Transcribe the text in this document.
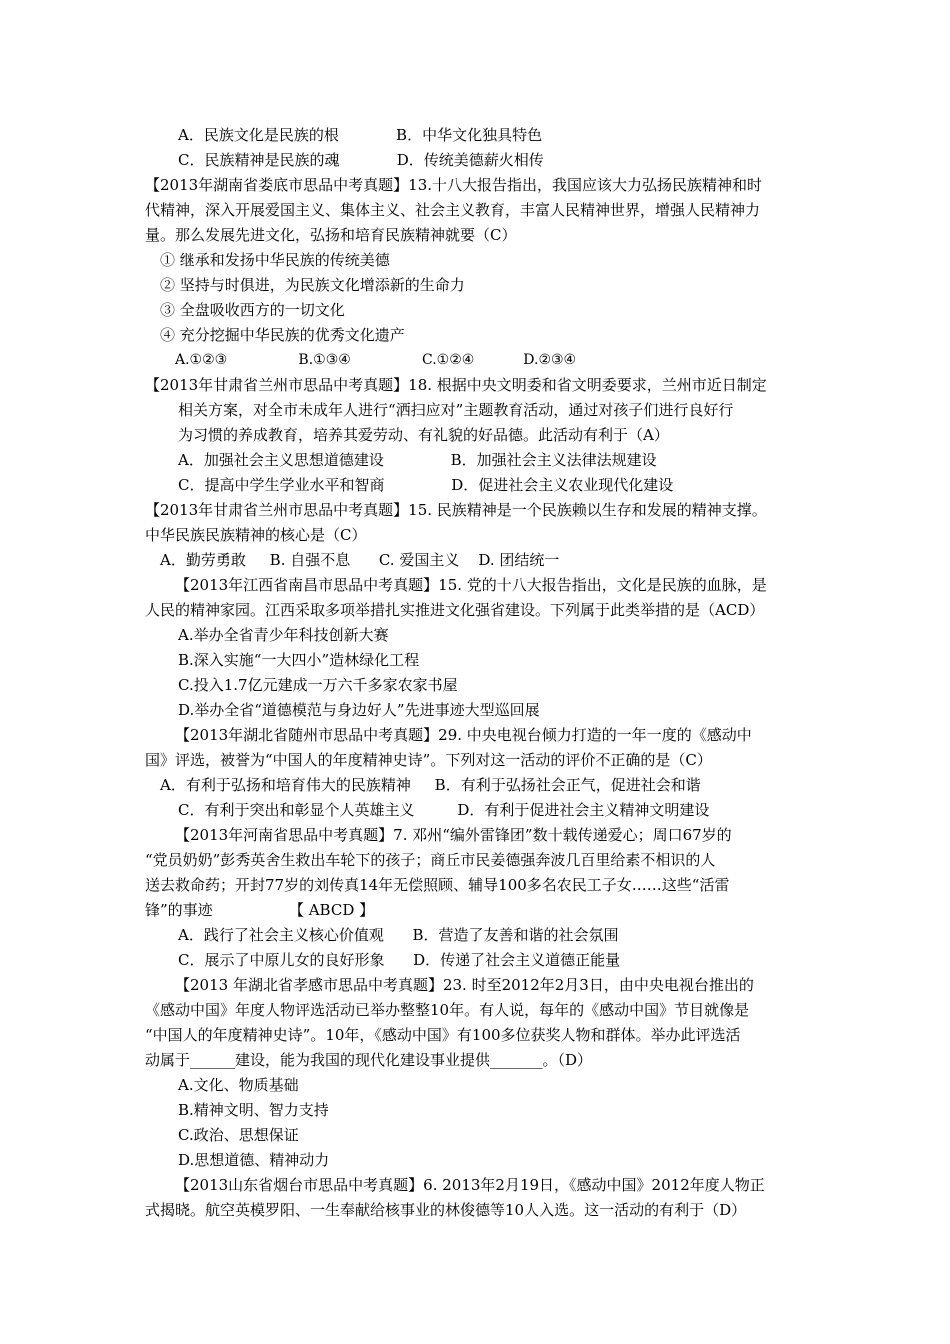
A．民族文化是民族的根            B．中华文化独具特色
C．民族精神是民族的魂            D．传统美德薪火相传
【2013年湖南省娄底市思品中考真题】13.十八大报告指出，我国应该大力弘扬民族精神和时
代精神，深入开展爱国主义、集体主义、社会主义教育，丰富人民精神世界，增强人民精神力
量。那么发展先进文化，弘扬和培育民族精神就要（C）
① 继承和发扬中华民族的传统美德
② 坚持与时俱进，为民族文化增添新的生命力
③ 全盘吸收西方的一切文化
④ 充分挖掘中华民族的优秀文化遗产
A.①②③                B.①③④                C.①②④           D.②③④
【2013年甘肃省兰州市思品中考真题】18. 根据中央文明委和省文明委要求，兰州市近日制定
相关方案，对全市未成年人进行“洒扫应对”主题教育活动，通过对孩子们进行良好行
为习惯的养成教育，培养其爱劳动、有礼貌的好品德。此活动有利于（A）
A．加强社会主义思想道德建设              B．加强社会主义法律法规建设
C．提高中学生学业水平和智商              D．促进社会主义农业现代化建设
【2013年甘肃省兰州市思品中考真题】15. 民族精神是一个民族赖以生存和发展的精神支撑。
中华民族民族精神的核心是（C）
A．勤劳勇敢     B. 自强不息      C. 爱国主义    D. 团结统一
【2013年江西省南昌市思品中考真题】15. 党的十八大报告指出，文化是民族的血脉，是
人民的精神家园。江西采取多项举措扎实推进文化强省建设。下列属于此类举措的是（ACD）
A.举办全省青少年科技创新大赛
B.深入实施“一大四小”造林绿化工程
C.投入1.7亿元建成一万六千多家农家书屋
D.举办全省“道德模范与身边好人”先进事迹大型巡回展
【2013年湖北省随州市思品中考真题】29. 中央电视台倾力打造的一年一度的《感动中
国》评选，被誉为“中国人的年度精神史诗”。下列对这一活动的评价不正确的是（C）
A．有利于弘扬和培育伟大的民族精神     B．有利于弘扬社会正气，促进社会和谐
C．有利于突出和彰显个人英雄主义         D．有利于促进社会主义精神文明建设
【2013年河南省思品中考真题】7. 邓州“编外雷锋团”数十载传递爱心；周口67岁的
“党员奶奶”彭秀英舍生救出车轮下的孩子；商丘市民姜德强奔波几百里给素不相识的人
送去救命药；开封77岁的刘传真14年无偿照顾、辅导100多名农民工子女……这些“活雷
锋”的事迹                【 ABCD 】
A．践行了社会主义核心价值观      B．营造了友善和谐的社会氛围
C．展示了中原儿女的良好形象      D．传递了社会主义道德正能量
【2013 年湖北省孝感市思品中考真题】23. 时至2012年2月3日，由中央电视台推出的
《感动中国》年度人物评选活动已举办整整10年。有人说，每年的《感动中国》节目就像是
“中国人的年度精神史诗”。10年，《感动中国》有100多位获奖人物和群体。举办此评选活
动属于______建设，能为我国的现代化建设事业提供_______。（D）
A.文化、物质基础
B.精神文明、智力支持
C.政治、思想保证
D.思想道德、精神动力
【2013山东省烟台市思品中考真题】6. 2013年2月19日，《感动中国》2012年度人物正
式揭晓。航空英模罗阳、一生奉献给核事业的林俊德等10人入选。这一活动的有利于（D）
